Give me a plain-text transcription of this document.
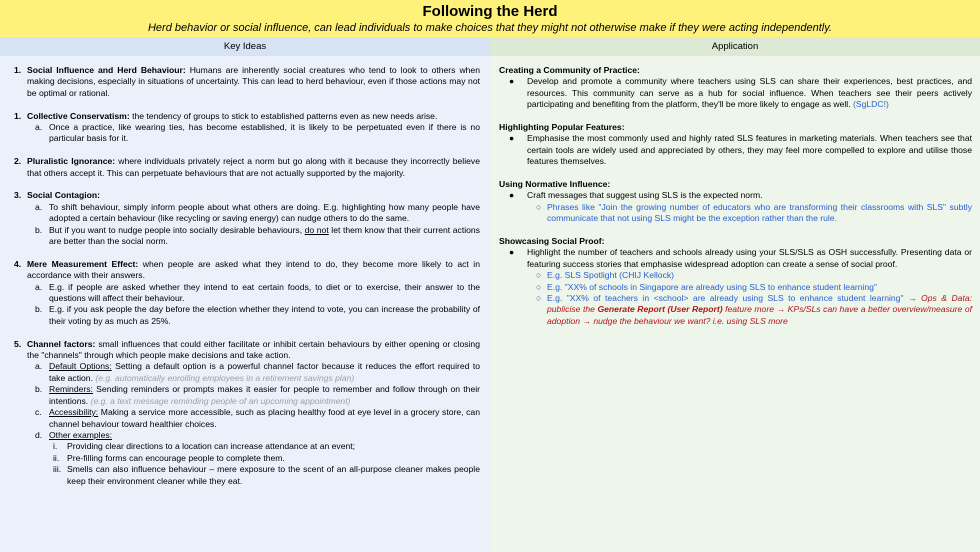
Following the Herd
Herd behavior or social influence, can lead individuals to make choices that they might not otherwise make if they were acting independently.
Key Ideas	Application
1. Social Influence and Herd Behaviour: Humans are inherently social creatures who tend to look to others when making decisions, especially in situations of uncertainty. This can lead to herd behaviour, even if those actions may not be optimal or rational.
1. Collective Conservatism: the tendency of groups to stick to established patterns even as new needs arise.
a. Once a practice, like wearing ties, has become established, it is likely to be perpetuated even if there is no particular basis for it.
2. Pluralistic Ignorance: where individuals privately reject a norm but go along with it because they incorrectly believe that others accept it. This can perpetuate behaviours that are not actually supported by the majority.
3. Social Contagion:
a. To shift behaviour, simply inform people about what others are doing. E.g. highlighting how many people have adopted a certain behaviour (like recycling or saving energy) can nudge others to do the same.
b. But if you want to nudge people into socially desirable behaviours, do not let them know that their current actions are better than the social norm.
4. Mere Measurement Effect: when people are asked what they intend to do, they become more likely to act in accordance with their answers.
a. E.g. if people are asked whether they intend to eat certain foods, to diet or to exercise, their answer to the questions will affect their behaviour.
b. E.g. if you ask people the day before the election whether they intend to vote, you can increase the probability of their voting by as much as 25%.
5. Channel factors: small influences that could either facilitate or inhibit certain behaviours by either opening or closing the "channels" through which people make decisions and take action.
a. Default Options: Setting a default option is a powerful channel factor because it reduces the effort required to take action. (e.g. automatically enrolling employees in a retirement savings plan)
b. Reminders: Sending reminders or prompts makes it easier for people to remember and follow through on their intentions. (e.g. a text message reminding people of an upcoming appointment)
c. Accessibility: Making a service more accessible, such as placing healthy food at eye level in a grocery store, can channel behaviour toward healthier choices.
d. Other examples:
i. Providing clear directions to a location can increase attendance at an event;
ii. Pre-filling forms can encourage people to complete them.
iii. Smells can also influence behaviour – mere exposure to the scent of an all-purpose cleaner makes people keep their environment cleaner while they eat.
Creating a Community of Practice:
● Develop and promote a community where teachers using SLS can share their experiences, best practices, and resources. This community can serve as a hub for social influence. When teachers see their peers actively participating and benefiting from the platform, they'll be more likely to engage as well. (SgLDC!)
Highlighting Popular Features:
● Emphasise the most commonly used and highly rated SLS features in marketing materials. When teachers see that certain tools are widely used and appreciated by others, they may feel more compelled to explore and utilise those features themselves.
Using Normative Influence:
● Craft messages that suggest using SLS is the expected norm.
○ Phrases like "Join the growing number of educators who are transforming their classrooms with SLS" subtly communicate that not using SLS might be the exception rather than the rule.
Showcasing Social Proof:
● Highlight the number of teachers and schools already using your SLS/SLS as OSH successfully. Presenting data or featuring success stories that emphasise widespread adoption can create a sense of social proof.
○ E.g. SLS Spotlight (CHIJ Kellock)
○ E.g. "XX% of schools in Singapore are already using SLS to enhance student learning"
○ E.g. "XX% of teachers in <school> are already using SLS to enhance student learning" → Ops & Data: publicise the Generate Report (User Report) feature more → KPs/SLs can have a better overview/measure of adoption → nudge the behaviour we want? i.e. using SLS more
